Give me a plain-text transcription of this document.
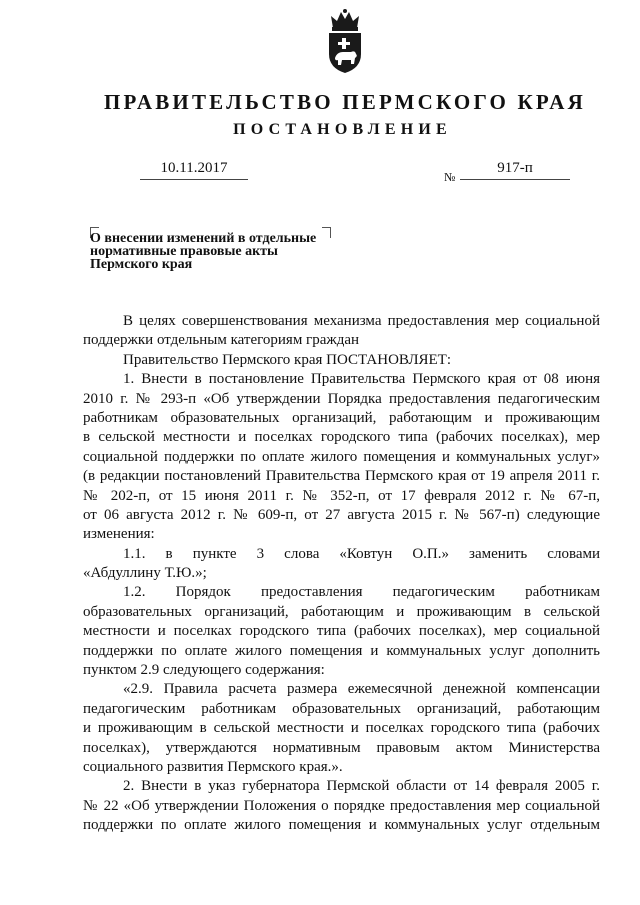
ПРАВИТЕЛЬСТВО ПЕРМСКОГО КРАЯ
ПОСТАНОВЛЕНИЕ
10.11.2017
№
917-п
О внесении изменений в отдельные
нормативные правовые акты
Пермского края
В целях совершенствования механизма предоставления мер социальной
поддержки отдельным категориям граждан
Правительство Пермского края ПОСТАНОВЛЯЕТ:
1. Внести в постановление Правительства Пермского края от 08 июня
2010 г. № 293-п «Об утверждении Порядка предоставления педагогическим
работникам образовательных организаций, работающим и проживающим
в сельской местности и поселках городского типа (рабочих поселках), мер
социальной поддержки по оплате жилого помещения и коммунальных услуг»
(в редакции постановлений Правительства Пермского края от 19 апреля 2011 г.
№ 202-п, от 15 июня 2011 г. № 352-п, от 17 февраля 2012 г. № 67-п,
от 06 августа 2012 г. № 609-п, от 27 августа 2015 г. № 567-п) следующие
изменения:
1.1. в пункте 3 слова «Ковтун О.П.» заменить словами
«Абдуллину Т.Ю.»;
1.2. Порядок предоставления педагогическим работникам
образовательных организаций, работающим и проживающим в сельской
местности и поселках городского типа (рабочих поселках), мер социальной
поддержки по оплате жилого помещения и коммунальных услуг дополнить
пунктом 2.9 следующего содержания:
«2.9. Правила расчета размера ежемесячной денежной компенсации
педагогическим работникам образовательных организаций, работающим
и проживающим в сельской местности и поселках городского типа (рабочих
поселках), утверждаются нормативным правовым актом Министерства
социального развития Пермского края.».
2. Внести в указ губернатора Пермской области от 14 февраля 2005 г.
№ 22 «Об утверждении Положения о порядке предоставления мер социальной
поддержки по оплате жилого помещения и коммунальных услуг отдельным
